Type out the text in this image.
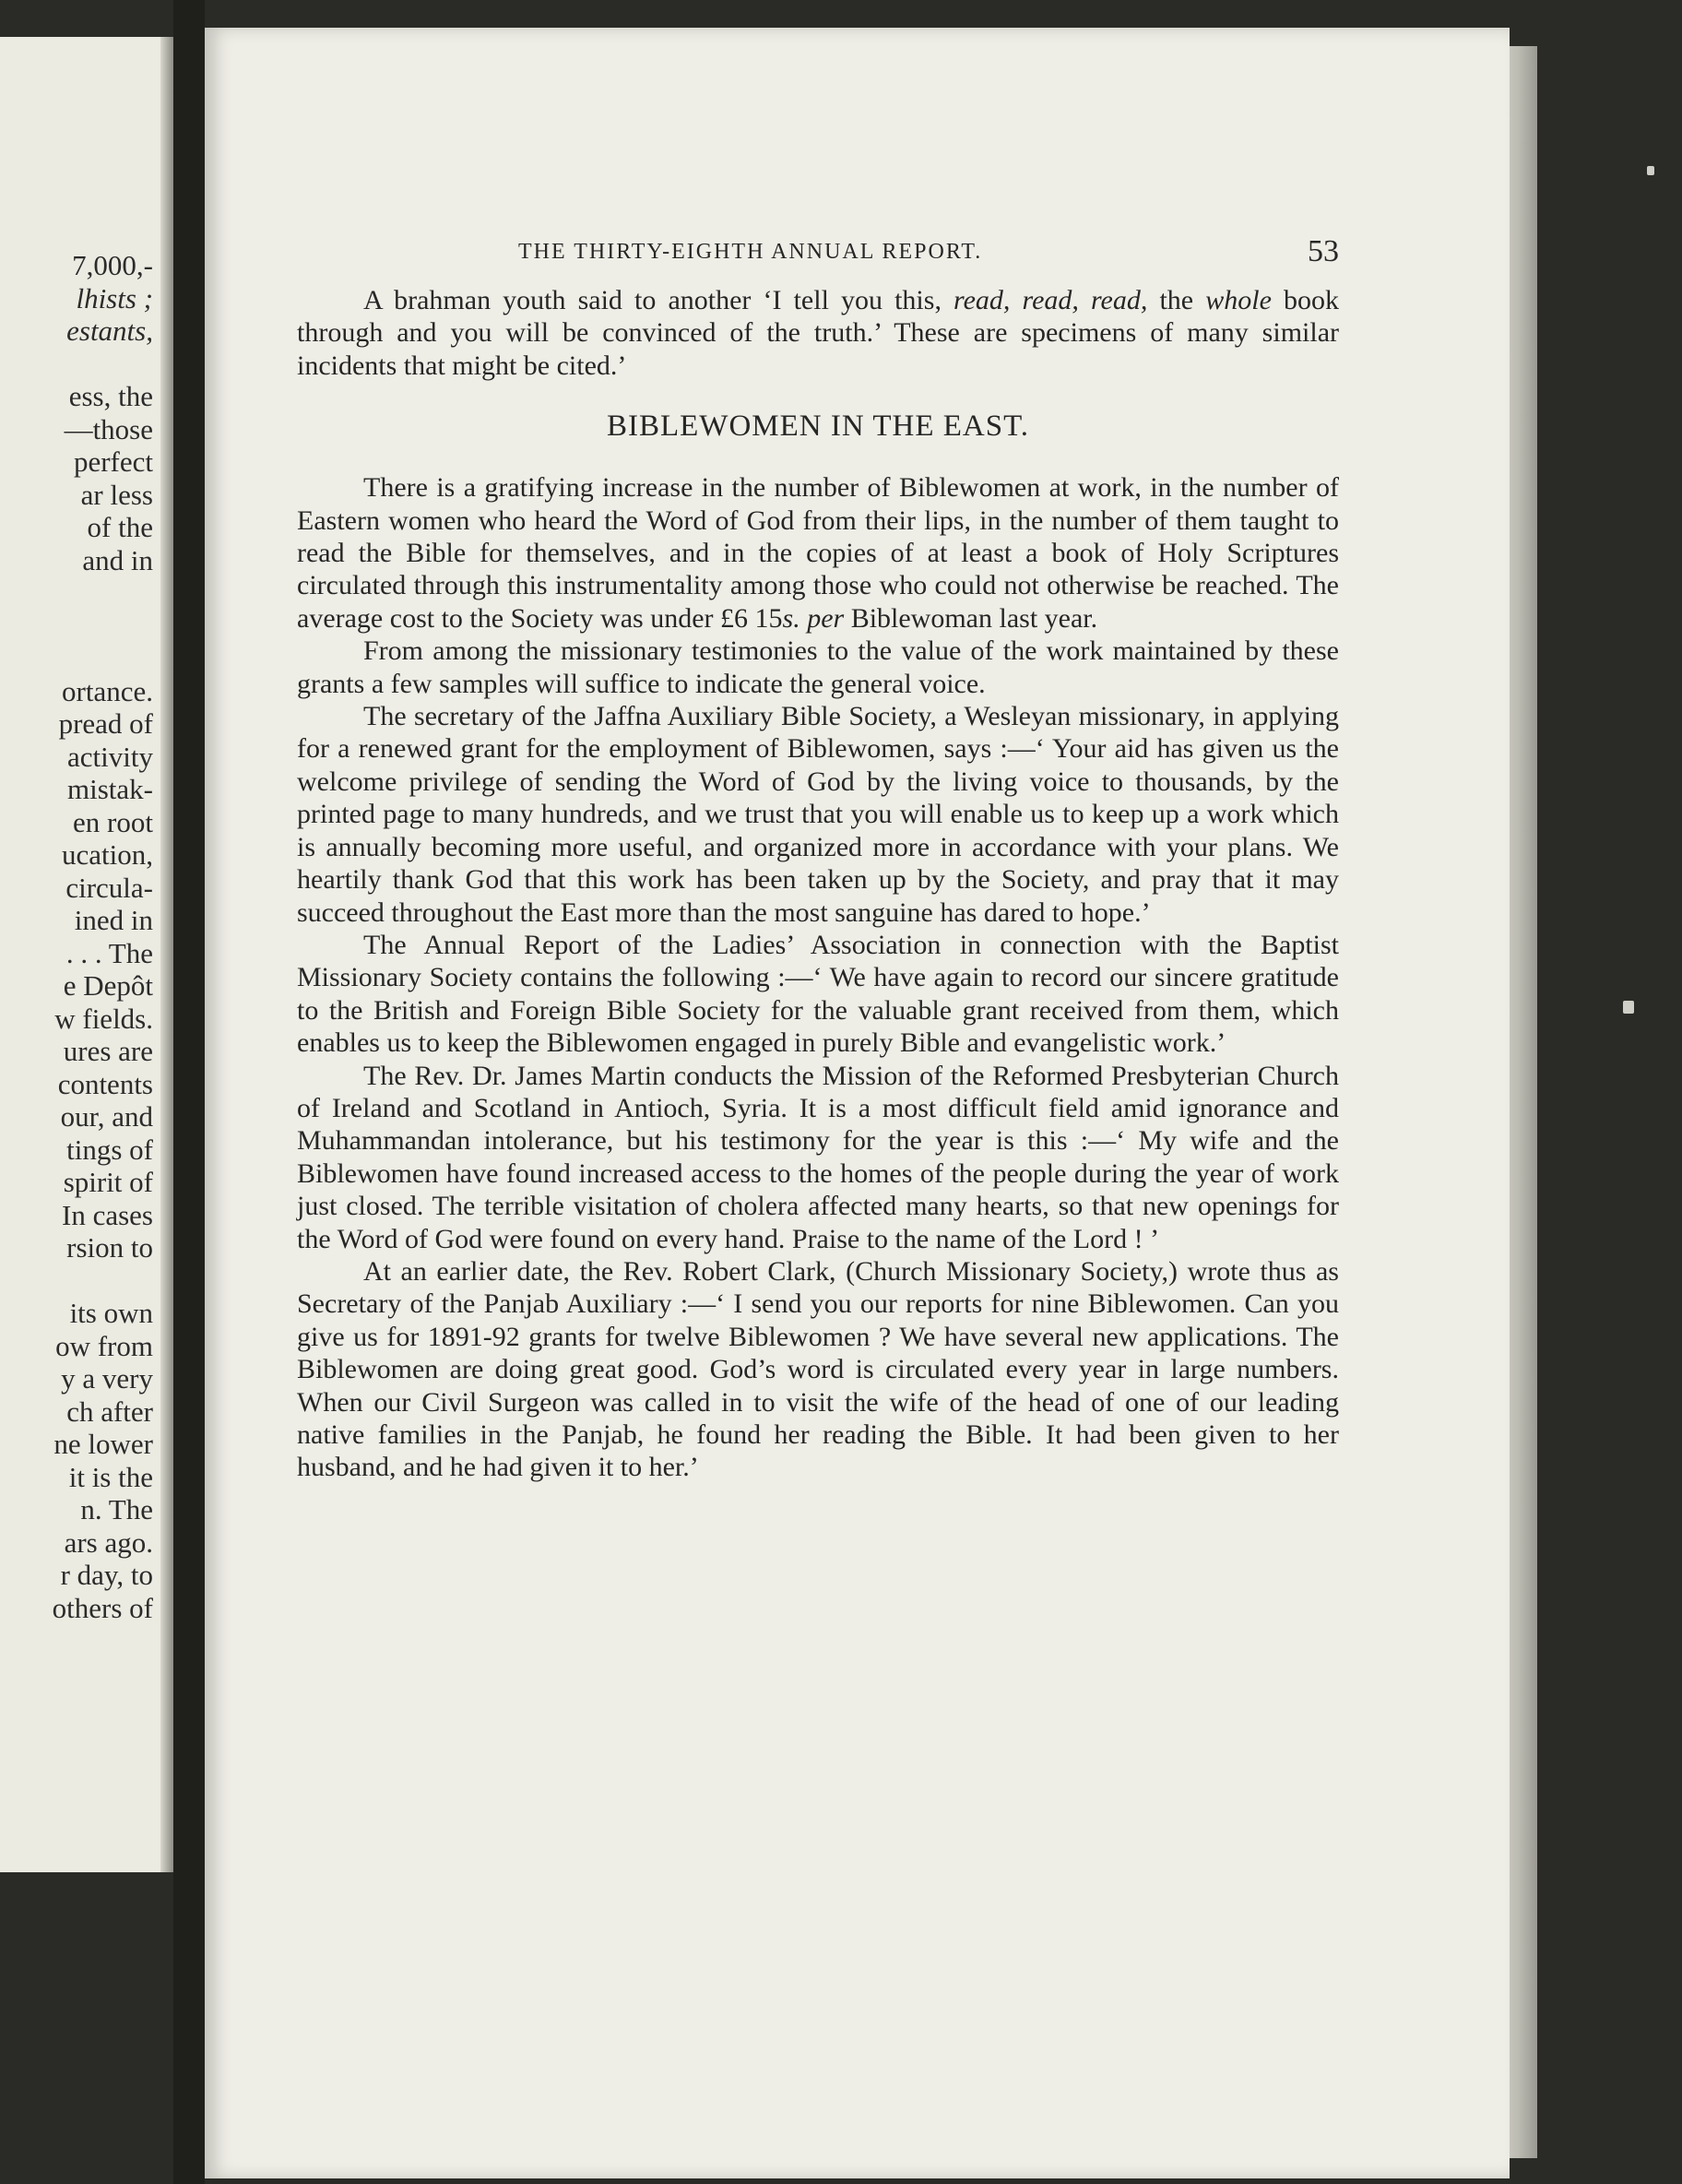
7,000,-
lhists ;
estants,
ess, the
—those
perfect
ar less
of the
and in
ortance.
pread of
activity
mistak-
en root
ucation,
circula-
ined in
. . . The
e Depôt
w fields.
ures are
contents
our, and
tings of
spirit of
In cases
rsion to
its own
ow from
y a very
ch after
ne lower
it is the
n. The
ars ago.
r day, to
others of
THE THIRTY-EIGHTH ANNUAL REPORT.	53

A brahman youth said to another ‘I tell you this, read, read, read, the whole book through and you will be convinced of the truth.’ These are specimens of many similar incidents that might be cited.’

BIBLEWOMEN IN THE EAST.

There is a gratifying increase in the number of Biblewomen at work, in the number of Eastern women who heard the Word of God from their lips, in the number of them taught to read the Bible for themselves, and in the copies of at least a book of Holy Scriptures circulated through this instrumentality among those who could not otherwise be reached. The average cost to the Society was under £6 15s. per Biblewoman last year.

From among the missionary testimonies to the value of the work maintained by these grants a few samples will suffice to indicate the general voice.

The secretary of the Jaffna Auxiliary Bible Society, a Wesleyan missionary, in applying for a renewed grant for the employment of Biblewomen, says :—‘ Your aid has given us the welcome privilege of sending the Word of God by the living voice to thousands, by the printed page to many hundreds, and we trust that you will enable us to keep up a work which is annually becoming more useful, and organized more in accordance with your plans. We heartily thank God that this work has been taken up by the Society, and pray that it may succeed throughout the East more than the most sanguine has dared to hope.’

The Annual Report of the Ladies’ Association in connection with the Baptist Missionary Society contains the following :—‘ We have again to record our sincere gratitude to the British and Foreign Bible Society for the valuable grant received from them, which enables us to keep the Biblewomen engaged in purely Bible and evangelistic work.’

The Rev. Dr. James Martin conducts the Mission of the Reformed Presbyterian Church of Ireland and Scotland in Antioch, Syria. It is a most difficult field amid ignorance and Muhammandan intolerance, but his testimony for the year is this :—‘ My wife and the Biblewomen have found increased access to the homes of the people during the year of work just closed. The terrible visitation of cholera affected many hearts, so that new openings for the Word of God were found on every hand. Praise to the name of the Lord ! ’

At an earlier date, the Rev. Robert Clark, (Church Missionary Society,) wrote thus as Secretary of the Panjab Auxiliary :—‘ I send you our reports for nine Biblewomen. Can you give us for 1891-92 grants for twelve Biblewomen ? We have several new applications. The Biblewomen are doing great good. God’s word is circulated every year in large numbers. When our Civil Surgeon was called in to visit the wife of the head of one of our leading native families in the Panjab, he found her reading the Bible. It had been given to her husband, and he had given it to her.’
